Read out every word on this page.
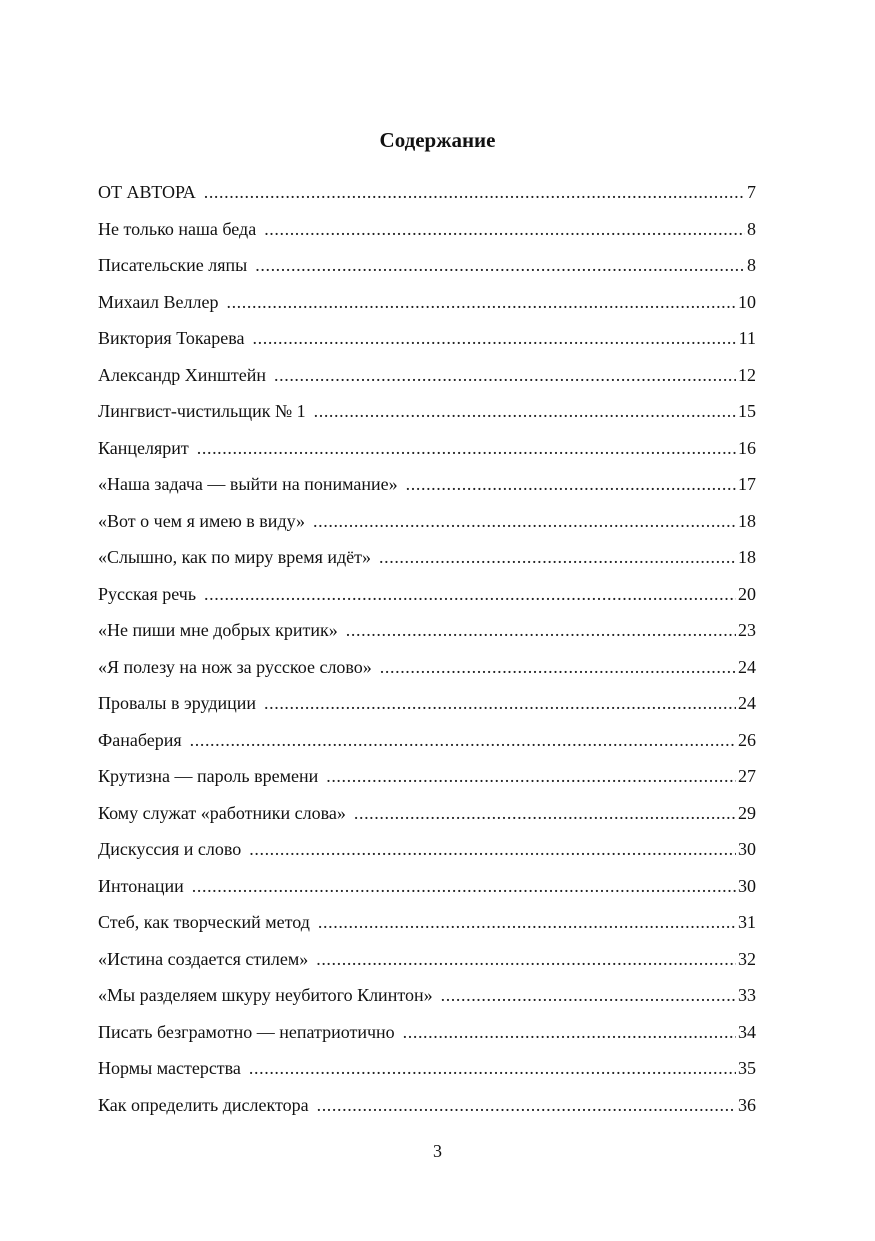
Содержание
ОТ АВТОРА .....	7
Не только наша беда .....	8
Писательские ляпы .....	8
Михаил Веллер .....	10
Виктория Токарева .....	11
Александр Хинштейн .....	12
Лингвист-чистильщик № 1 .....	15
Канцелярит .....	16
«Наша задача — выйти на понимание» .....	17
«Вот о чем я имею в виду» .....	18
«Слышно, как по миру время идёт» .....	18
Русская речь .....	20
«Не пиши мне добрых критик» .....	23
«Я полезу на нож за русское слово» .....	24
Провалы в эрудиции .....	24
Фанаберия .....	26
Крутизна — пароль времени .....	27
Кому служат «работники слова» .....	29
Дискуссия и слово .....	30
Интонации .....	30
Стеб, как творческий метод .....	31
«Истина создается стилем» .....	32
«Мы разделяем шкуру неубитого Клинтон» .....	33
Писать безграмотно — непатриотично .....	34
Нормы мастерства .....	35
Как определить дислектора .....	36
3
